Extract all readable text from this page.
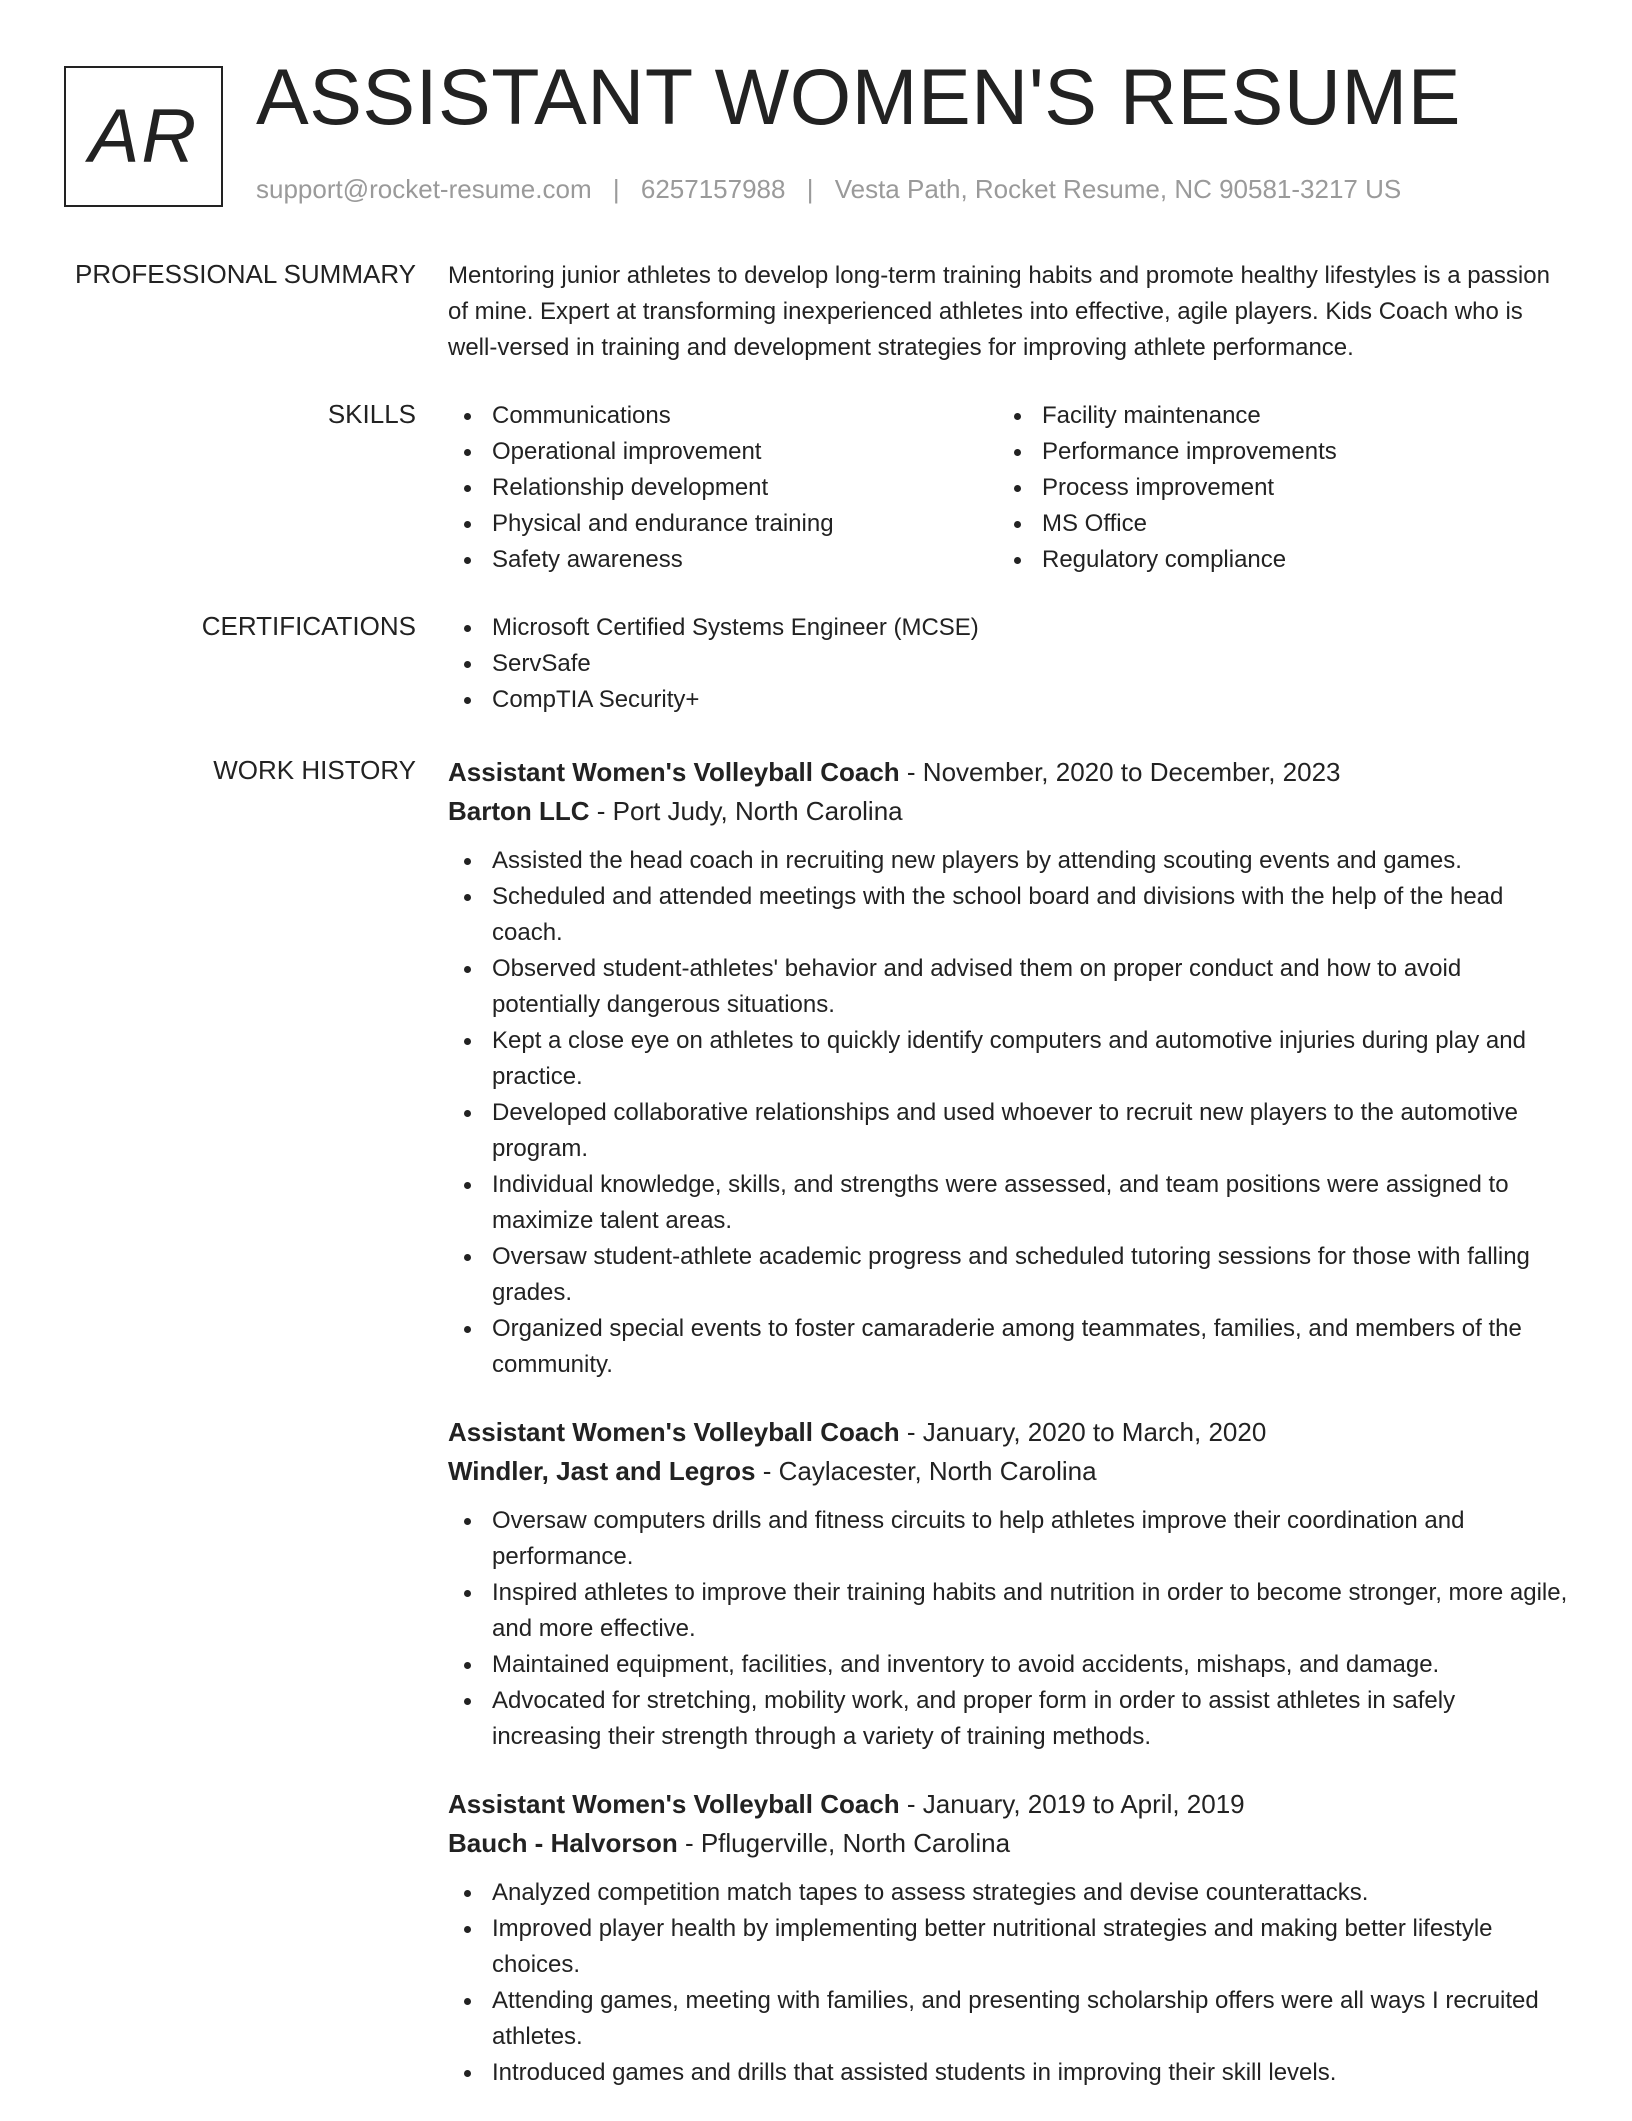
AR ASSISTANT WOMEN'S RESUME
support@rocket-resume.com | 6257157988 | Vesta Path, Rocket Resume, NC 90581-3217 US
PROFESSIONAL SUMMARY Mentoring junior athletes to develop long-term training habits and promote healthy lifestyles is a passion of mine. Expert at transforming inexperienced athletes into effective, agile players. Kids Coach who is well-versed in training and development strategies for improving athlete performance.

SKILLS	Communications
Operational improvement
Relationship development
Physical and endurance training
Safety awareness
Facility maintenance
Performance improvements
Process improvement
MS Office
Regulatory compliance
CERTIFICATIONS	Microsoft Certified Systems Engineer (MCSE)
ServSafe
CompTIA Security+
WORK HISTORY Assistant Women's Volleyball Coach - November, 2020 to December, 2023
Barton LLC - Port Judy, North Carolina
Assisted the head coach in recruiting new players by attending scouting events and games.
Scheduled and attended meetings with the school board and divisions with the help of the head coach.
Observed student-athletes' behavior and advised them on proper conduct and how to avoid potentially dangerous situations.
Kept a close eye on athletes to quickly identify computers and automotive injuries during play and practice.
Developed collaborative relationships and used whoever to recruit new players to the automotive program.
Individual knowledge, skills, and strengths were assessed, and team positions were assigned to maximize talent areas.
Oversaw student-athlete academic progress and scheduled tutoring sessions for those with falling grades.
Organized special events to foster camaraderie among teammates, families, and members of the community.
Assistant Women's Volleyball Coach - January, 2020 to March, 2020
Windler, Jast and Legros - Caylacester, North Carolina
Oversaw computers drills and fitness circuits to help athletes improve their coordination and performance.
Inspired athletes to improve their training habits and nutrition in order to become stronger, more agile, and more effective.
Maintained equipment, facilities, and inventory to avoid accidents, mishaps, and damage.
Advocated for stretching, mobility work, and proper form in order to assist athletes in safely increasing their strength through a variety of training methods.
Assistant Women's Volleyball Coach - January, 2019 to April, 2019
Bauch - Halvorson - Pflugerville, North Carolina
Analyzed competition match tapes to assess strategies and devise counterattacks.
Improved player health by implementing better nutritional strategies and making better lifestyle choices.
Attending games, meeting with families, and presenting scholarship offers were all ways I recruited athletes.
Introduced games and drills that assisted students in improving their skill levels.
